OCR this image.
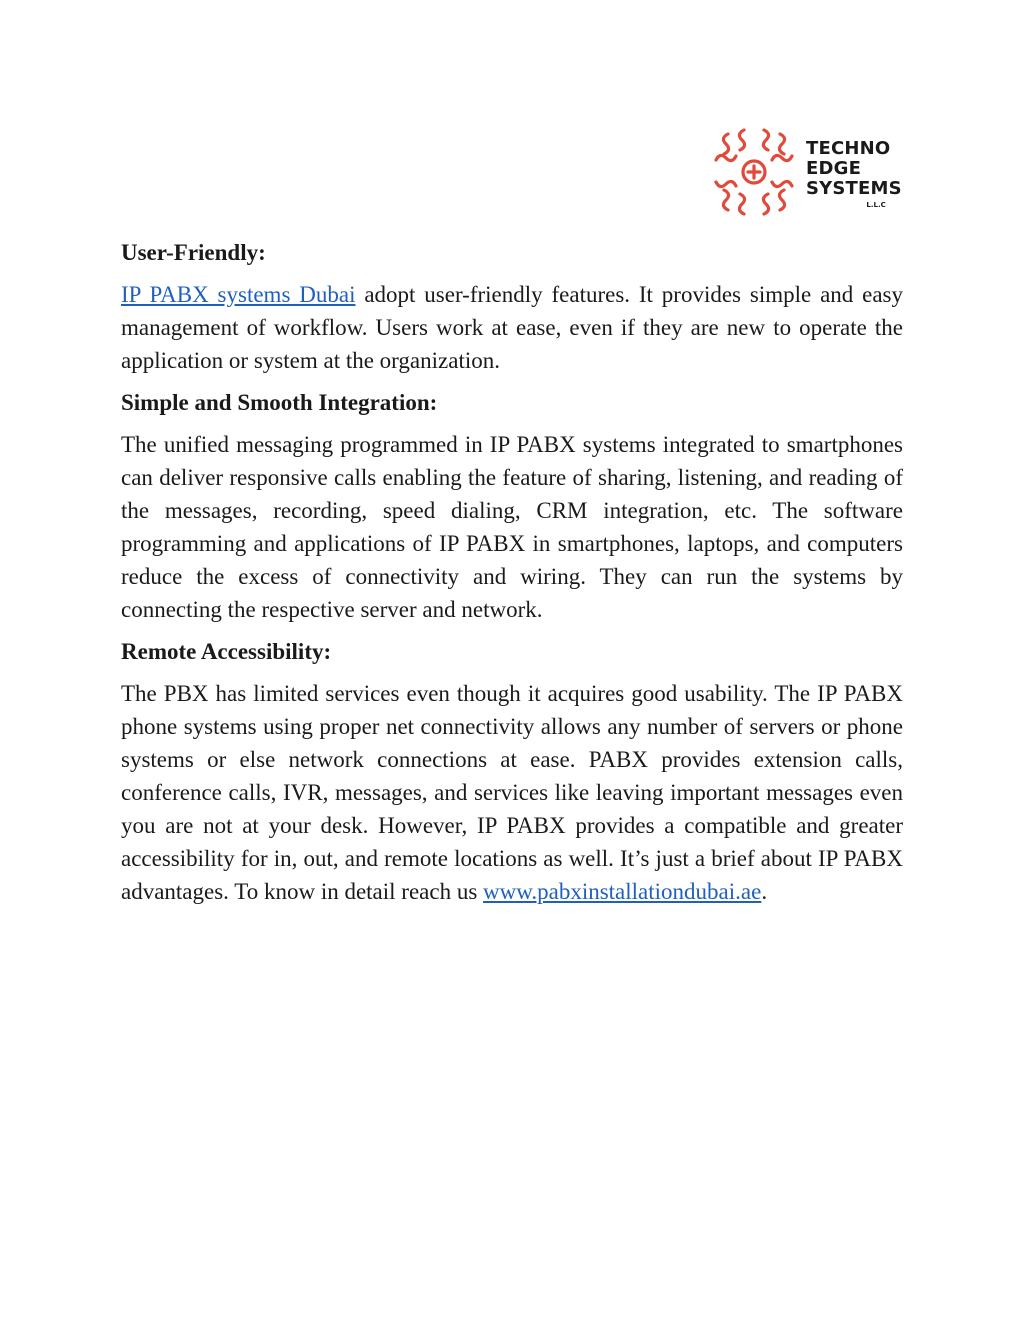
TECHNO
EDGE
SYSTEMS
L.L.C
User-Friendly:

IP PABX systems Dubai adopt user-friendly features. It provides simple and easy management of workflow. Users work at ease, even if they are new to operate the application or system at the organization.

Simple and Smooth Integration:

The unified messaging programmed in IP PABX systems integrated to smartphones can deliver responsive calls enabling the feature of sharing, listening, and reading of the messages, recording, speed dialing, CRM integration, etc. The software programming and applications of IP PABX in smartphones, laptops, and computers reduce the excess of connectivity and wiring. They can run the systems by connecting the respective server and network.

Remote Accessibility:

The PBX has limited services even though it acquires good usability. The IP PABX phone systems using proper net connectivity allows any number of servers or phone systems or else network connections at ease. PABX provides extension calls, conference calls, IVR, messages, and services like leaving important messages even you are not at your desk. However, IP PABX provides a compatible and greater accessibility for in, out, and remote locations as well. It’s just a brief about IP PABX advantages. To know in detail reach us www.pabxinstallationdubai.ae.
